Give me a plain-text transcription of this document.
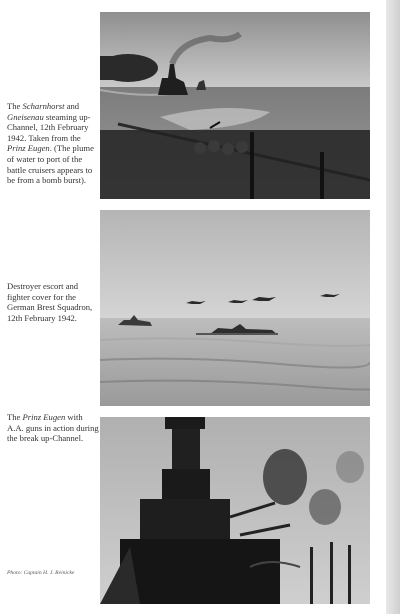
The Scharnhorst and Gneisenau steaming up-Channel, 12th February 1942. Taken from the Prinz Eugen. (The plume of water to port of the battle cruisers appears to be from a bomb burst).

Destroyer escort and fighter cover for the German Brest Squadron, 12th February 1942.

The Prinz Eugen with A.A. guns in action during the break up-Channel.

Photo: Captain H. J. Reinicke
